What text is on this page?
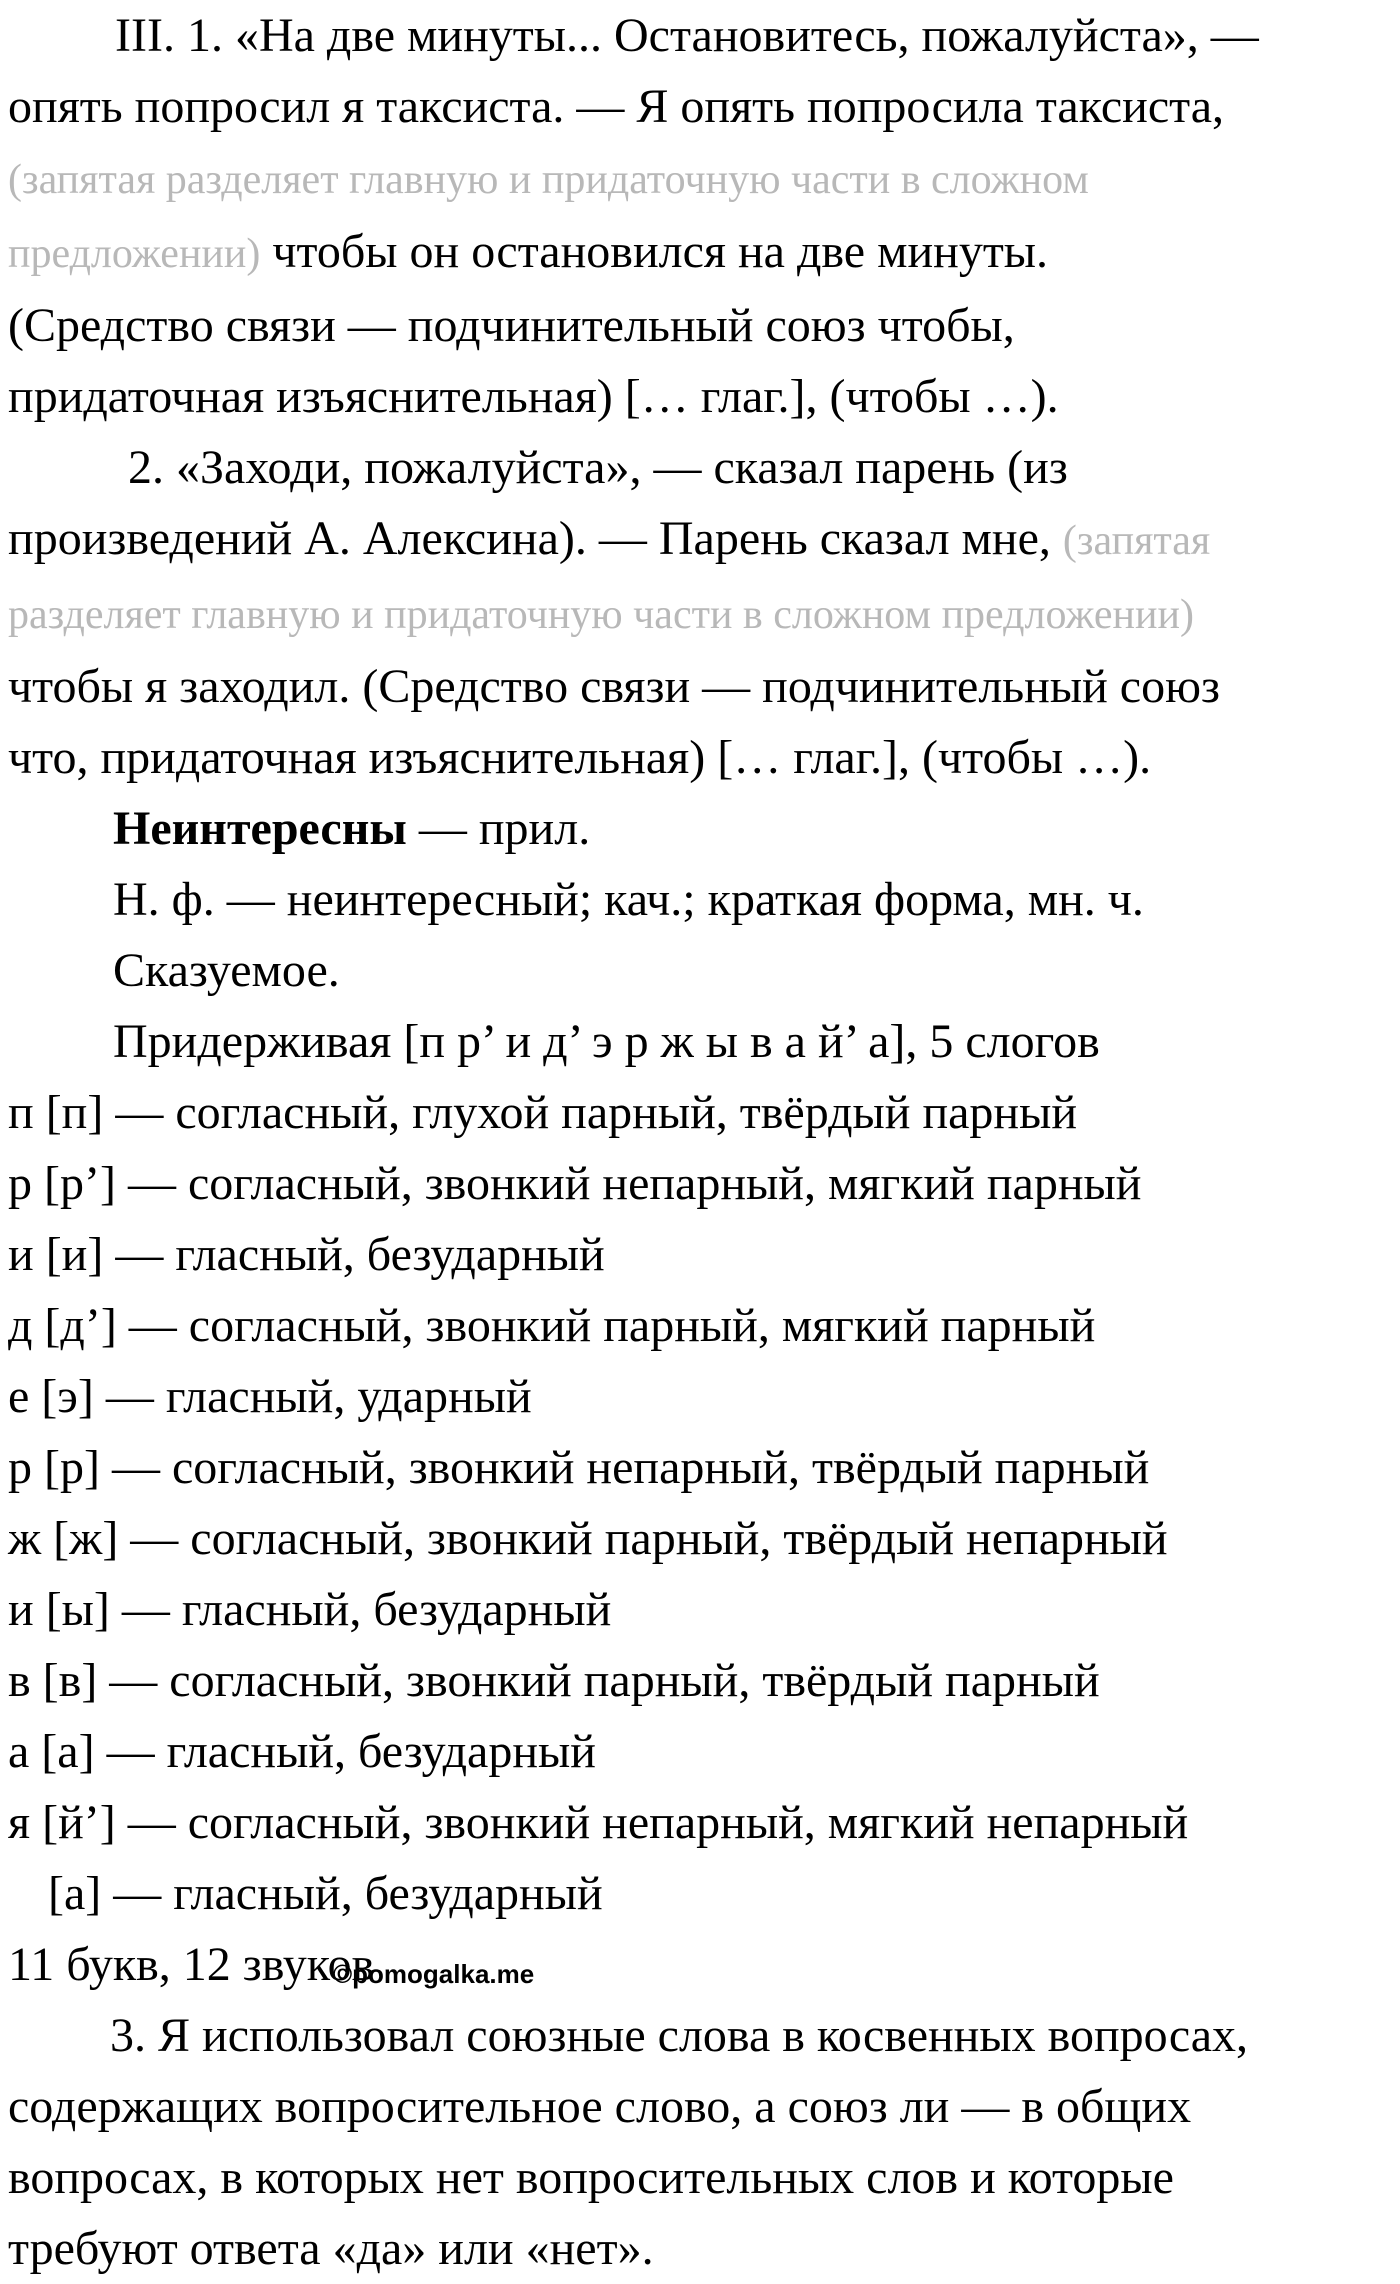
III. 1. «На две минуты... Остановитесь, пожалуйста», —
опять попросил я таксиста. — Я опять попросила таксиста,
(запятая разделяет главную и придаточную части в сложном
предложении) чтобы он остановился на две минуты.
(Средство связи — подчинительный союз чтобы,
придаточная изъяснительная) [… глаг.], (чтобы …).
2. «Заходи, пожалуйста», — сказал парень (из
произведений А. Алексина). — Парень сказал мне, (запятая
разделяет главную и придаточную части в сложном предложении)
чтобы я заходил. (Средство связи — подчинительный союз
что, придаточная изъяснительная) [… глаг.], (чтобы …).
Неинтересны — прил.
Н. ф. — неинтересный; кач.; краткая форма, мн. ч.
Сказуемое.
Придерживая [п р’ и д’ э р ж ы в а й’ а], 5 слогов
п [п] — согласный, глухой парный, твёрдый парный
р [р’] — согласный, звонкий непарный, мягкий парный
и [и] — гласный, безударный
д [д’] — согласный, звонкий парный, мягкий парный
е [э] — гласный, ударный
р [р] — согласный, звонкий непарный, твёрдый парный
ж [ж] — согласный, звонкий парный, твёрдый непарный
и [ы] — гласный, безударный
в [в] — согласный, звонкий парный, твёрдый парный
а [а] — гласный, безударный
я [й’] — согласный, звонкий непарный, мягкий непарный
[а] — гласный, безударный
11 букв, 12 звуков
3. Я использовал союзные слова в косвенных вопросах,
содержащих вопросительное слово, а союз ли — в общих
вопросах, в которых нет вопросительных слов и которые
требуют ответа «да» или «нет».
©pomogalka.me
